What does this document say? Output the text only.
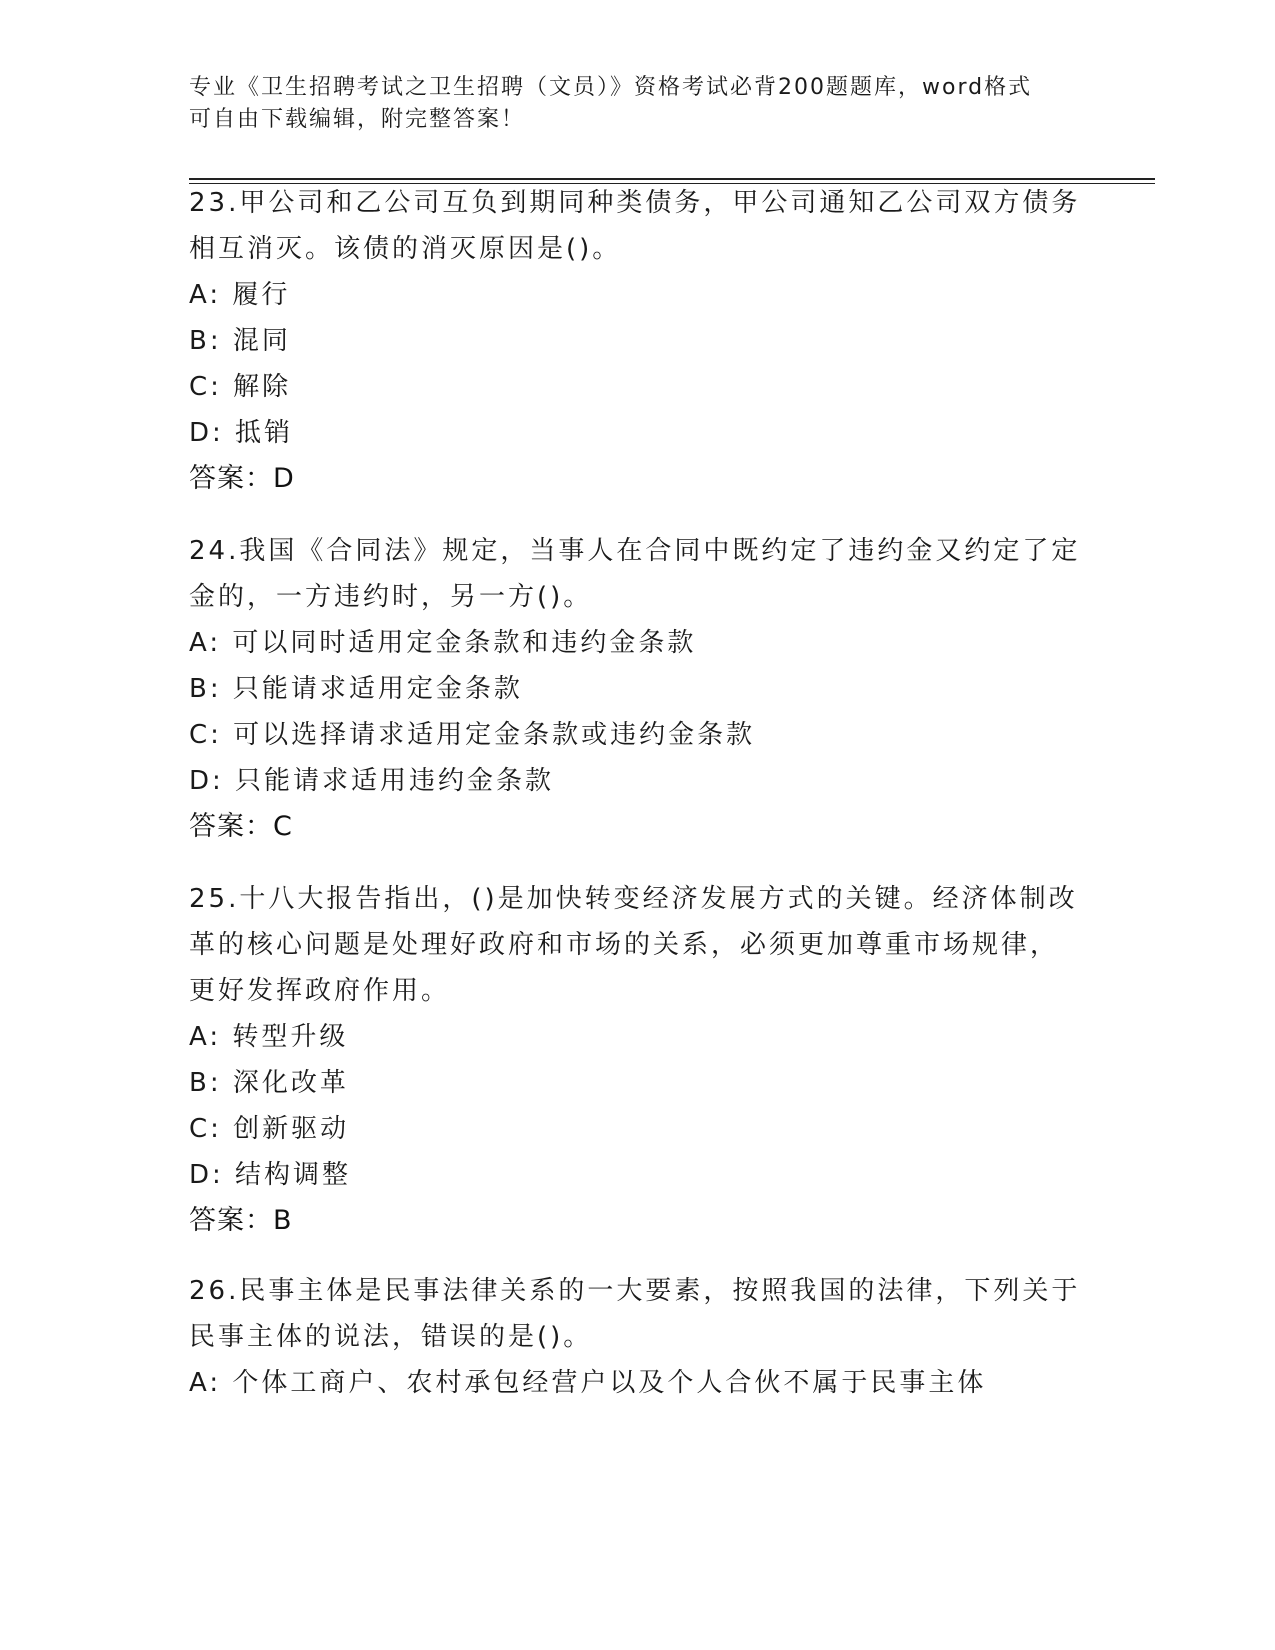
专业《卫生招聘考试之卫生招聘（文员）》资格考试必背200题题库，word格式
可自由下载编辑，附完整答案！

23.甲公司和乙公司互负到期同种类债务，甲公司通知乙公司双方债务

相互消灭。该债的消灭原因是()。

A: 履行

B: 混同

C: 解除

D: 抵销

答案：D

24.我国《合同法》规定，当事人在合同中既约定了违约金又约定了定

金的，一方违约时，另一方()。

A: 可以同时适用定金条款和违约金条款

B: 只能请求适用定金条款

C: 可以选择请求适用定金条款或违约金条款

D: 只能请求适用违约金条款

答案：C

25.十八大报告指出，()是加快转变经济发展方式的关键。经济体制改

革的核心问题是处理好政府和市场的关系，必须更加尊重市场规律，

更好发挥政府作用。

A: 转型升级

B: 深化改革

C: 创新驱动

D: 结构调整

答案：B

26.民事主体是民事法律关系的一大要素，按照我国的法律，下列关于

民事主体的说法，错误的是()。

A: 个体工商户、农村承包经营户以及个人合伙不属于民事主体
